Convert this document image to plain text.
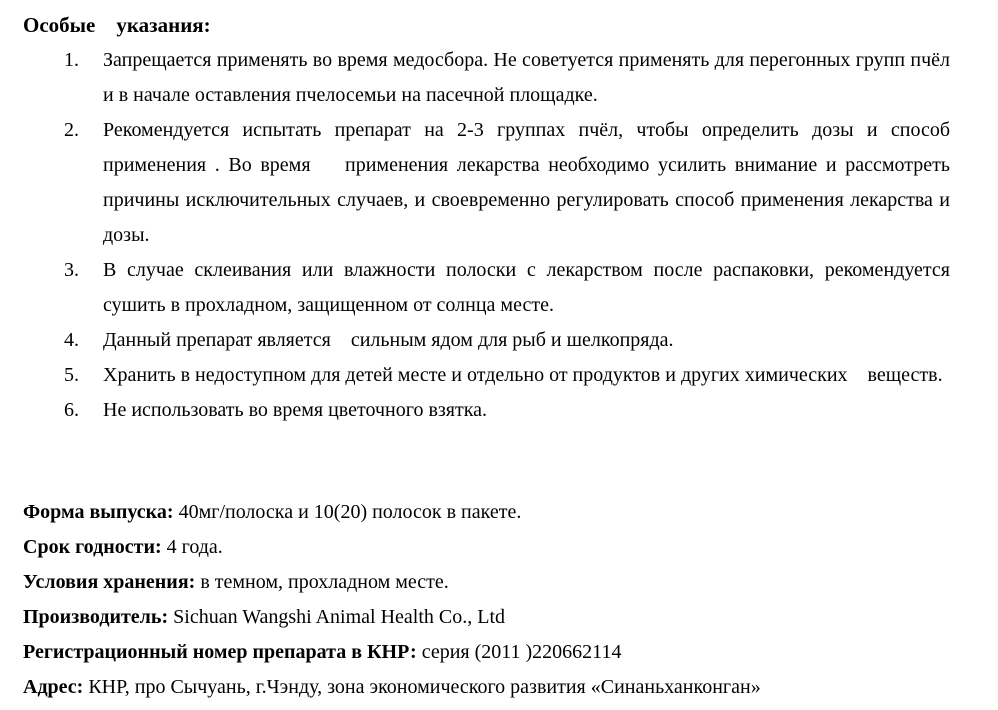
Особые    указания:
1.	Запрещается применять во время медосбора. Не советуется применять для перегонных групп пчёл и в начале оставления пчелосемьи на пасечной площадке.
2.	Рекомендуется испытать препарат на 2-3 группах пчёл, чтобы определить дозы и способ применения . Во время    применения лекарства необходимо усилить внимание и рассмотреть причины исключительных случаев, и своевременно регулировать способ применения лекарства и дозы.
3.	В случае склеивания или влажности полоски с лекарством после распаковки, рекомендуется сушить в прохладном, защищенном от солнца месте.
4.	Данный препарат является    сильным ядом для рыб и шелкопряда.
5.	Хранить в недоступном для детей месте и отдельно от продуктов и других химических    веществ.
6.	Не использовать во время цветочного взятка.
Форма выпуска: 40мг/полоска и 10(20) полосок в пакете.
Срок годности: 4 года.
Условия хранения: в темном, прохладном месте.
Производитель: Sichuan Wangshi Animal Health Co., Ltd
Регистрационный номер препарата в КНР: серия (2011 )220662114
Адрес: КНР, про Сычуань, г.Чэнду, зона экономического развития «Синаньханконган»
